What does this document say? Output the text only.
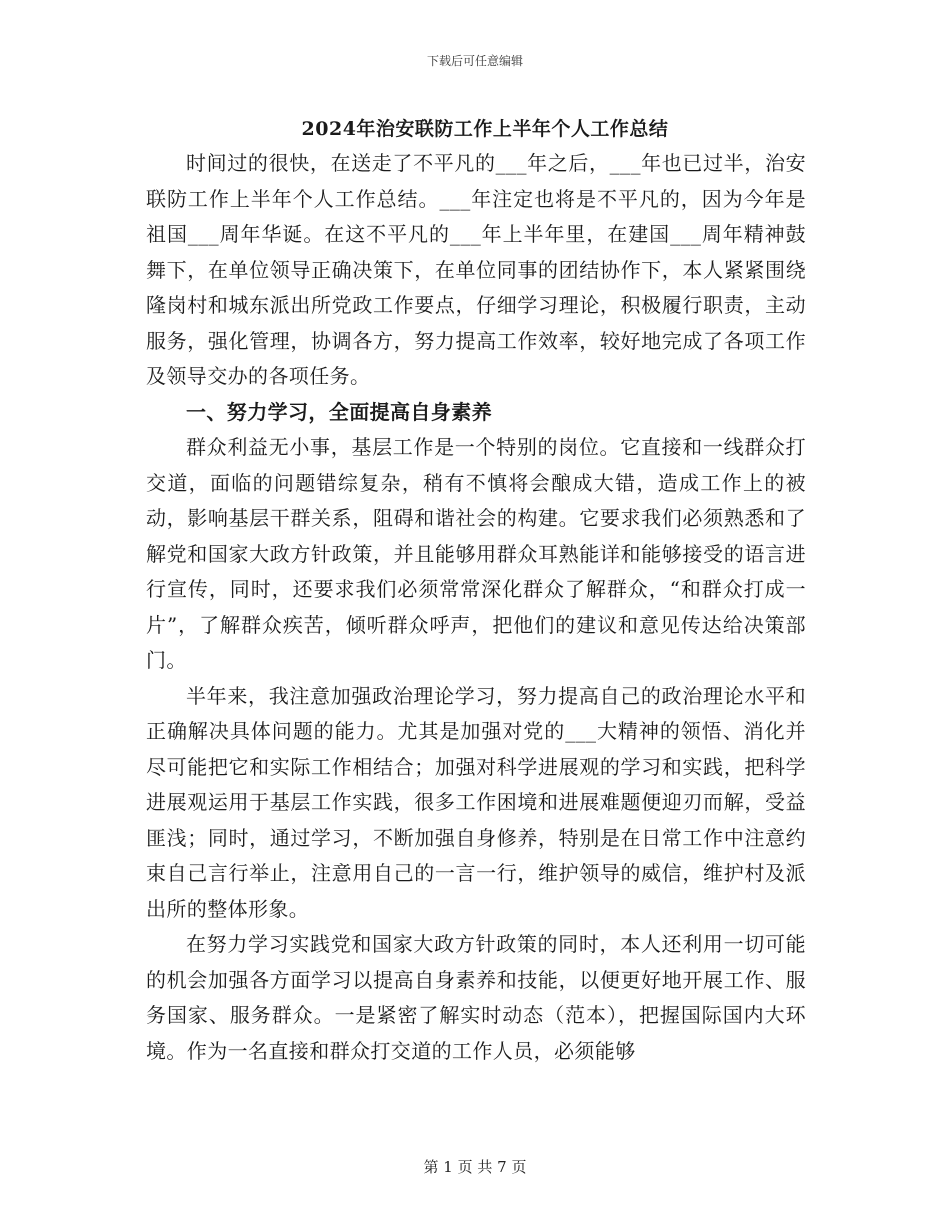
下载后可任意编辑
2024年治安联防工作上半年个人工作总结

时间过的很快，在送走了不平凡的___年之后，___年也已过半，治安联防工作上半年个人工作总结。___年注定也将是不平凡的，因为今年是祖国___周年华诞。在这不平凡的___年上半年里，在建国___周年精神鼓舞下，在单位领导正确决策下，在单位同事的团结协作下，本人紧紧围绕隆岗村和城东派出所党政工作要点，仔细学习理论，积极履行职责，主动服务，强化管理，协调各方，努力提高工作效率，较好地完成了各项工作及领导交办的各项任务。

一、努力学习，全面提高自身素养

群众利益无小事，基层工作是一个特别的岗位。它直接和一线群众打交道，面临的问题错综复杂，稍有不慎将会酿成大错，造成工作上的被动，影响基层干群关系，阻碍和谐社会的构建。它要求我们必须熟悉和了解党和国家大政方针政策，并且能够用群众耳熟能详和能够接受的语言进行宣传，同时，还要求我们必须常常深化群众了解群众，“和群众打成一片”，了解群众疾苦，倾听群众呼声，把他们的建议和意见传达给决策部门。

半年来，我注意加强政治理论学习，努力提高自己的政治理论水平和正确解决具体问题的能力。尤其是加强对党的___大精神的领悟、消化并尽可能把它和实际工作相结合；加强对科学进展观的学习和实践，把科学进展观运用于基层工作实践，很多工作困境和进展难题便迎刃而解，受益匪浅；同时，通过学习，不断加强自身修养，特别是在日常工作中注意约束自己言行举止，注意用自己的一言一行，维护领导的威信，维护村及派出所的整体形象。

在努力学习实践党和国家大政方针政策的同时，本人还利用一切可能的机会加强各方面学习以提高自身素养和技能，以便更好地开展工作、服务国家、服务群众。一是紧密了解实时动态（范本），把握国际国内大环境。作为一名直接和群众打交道的工作人员，必须能够

第 1 页 共 7 页
